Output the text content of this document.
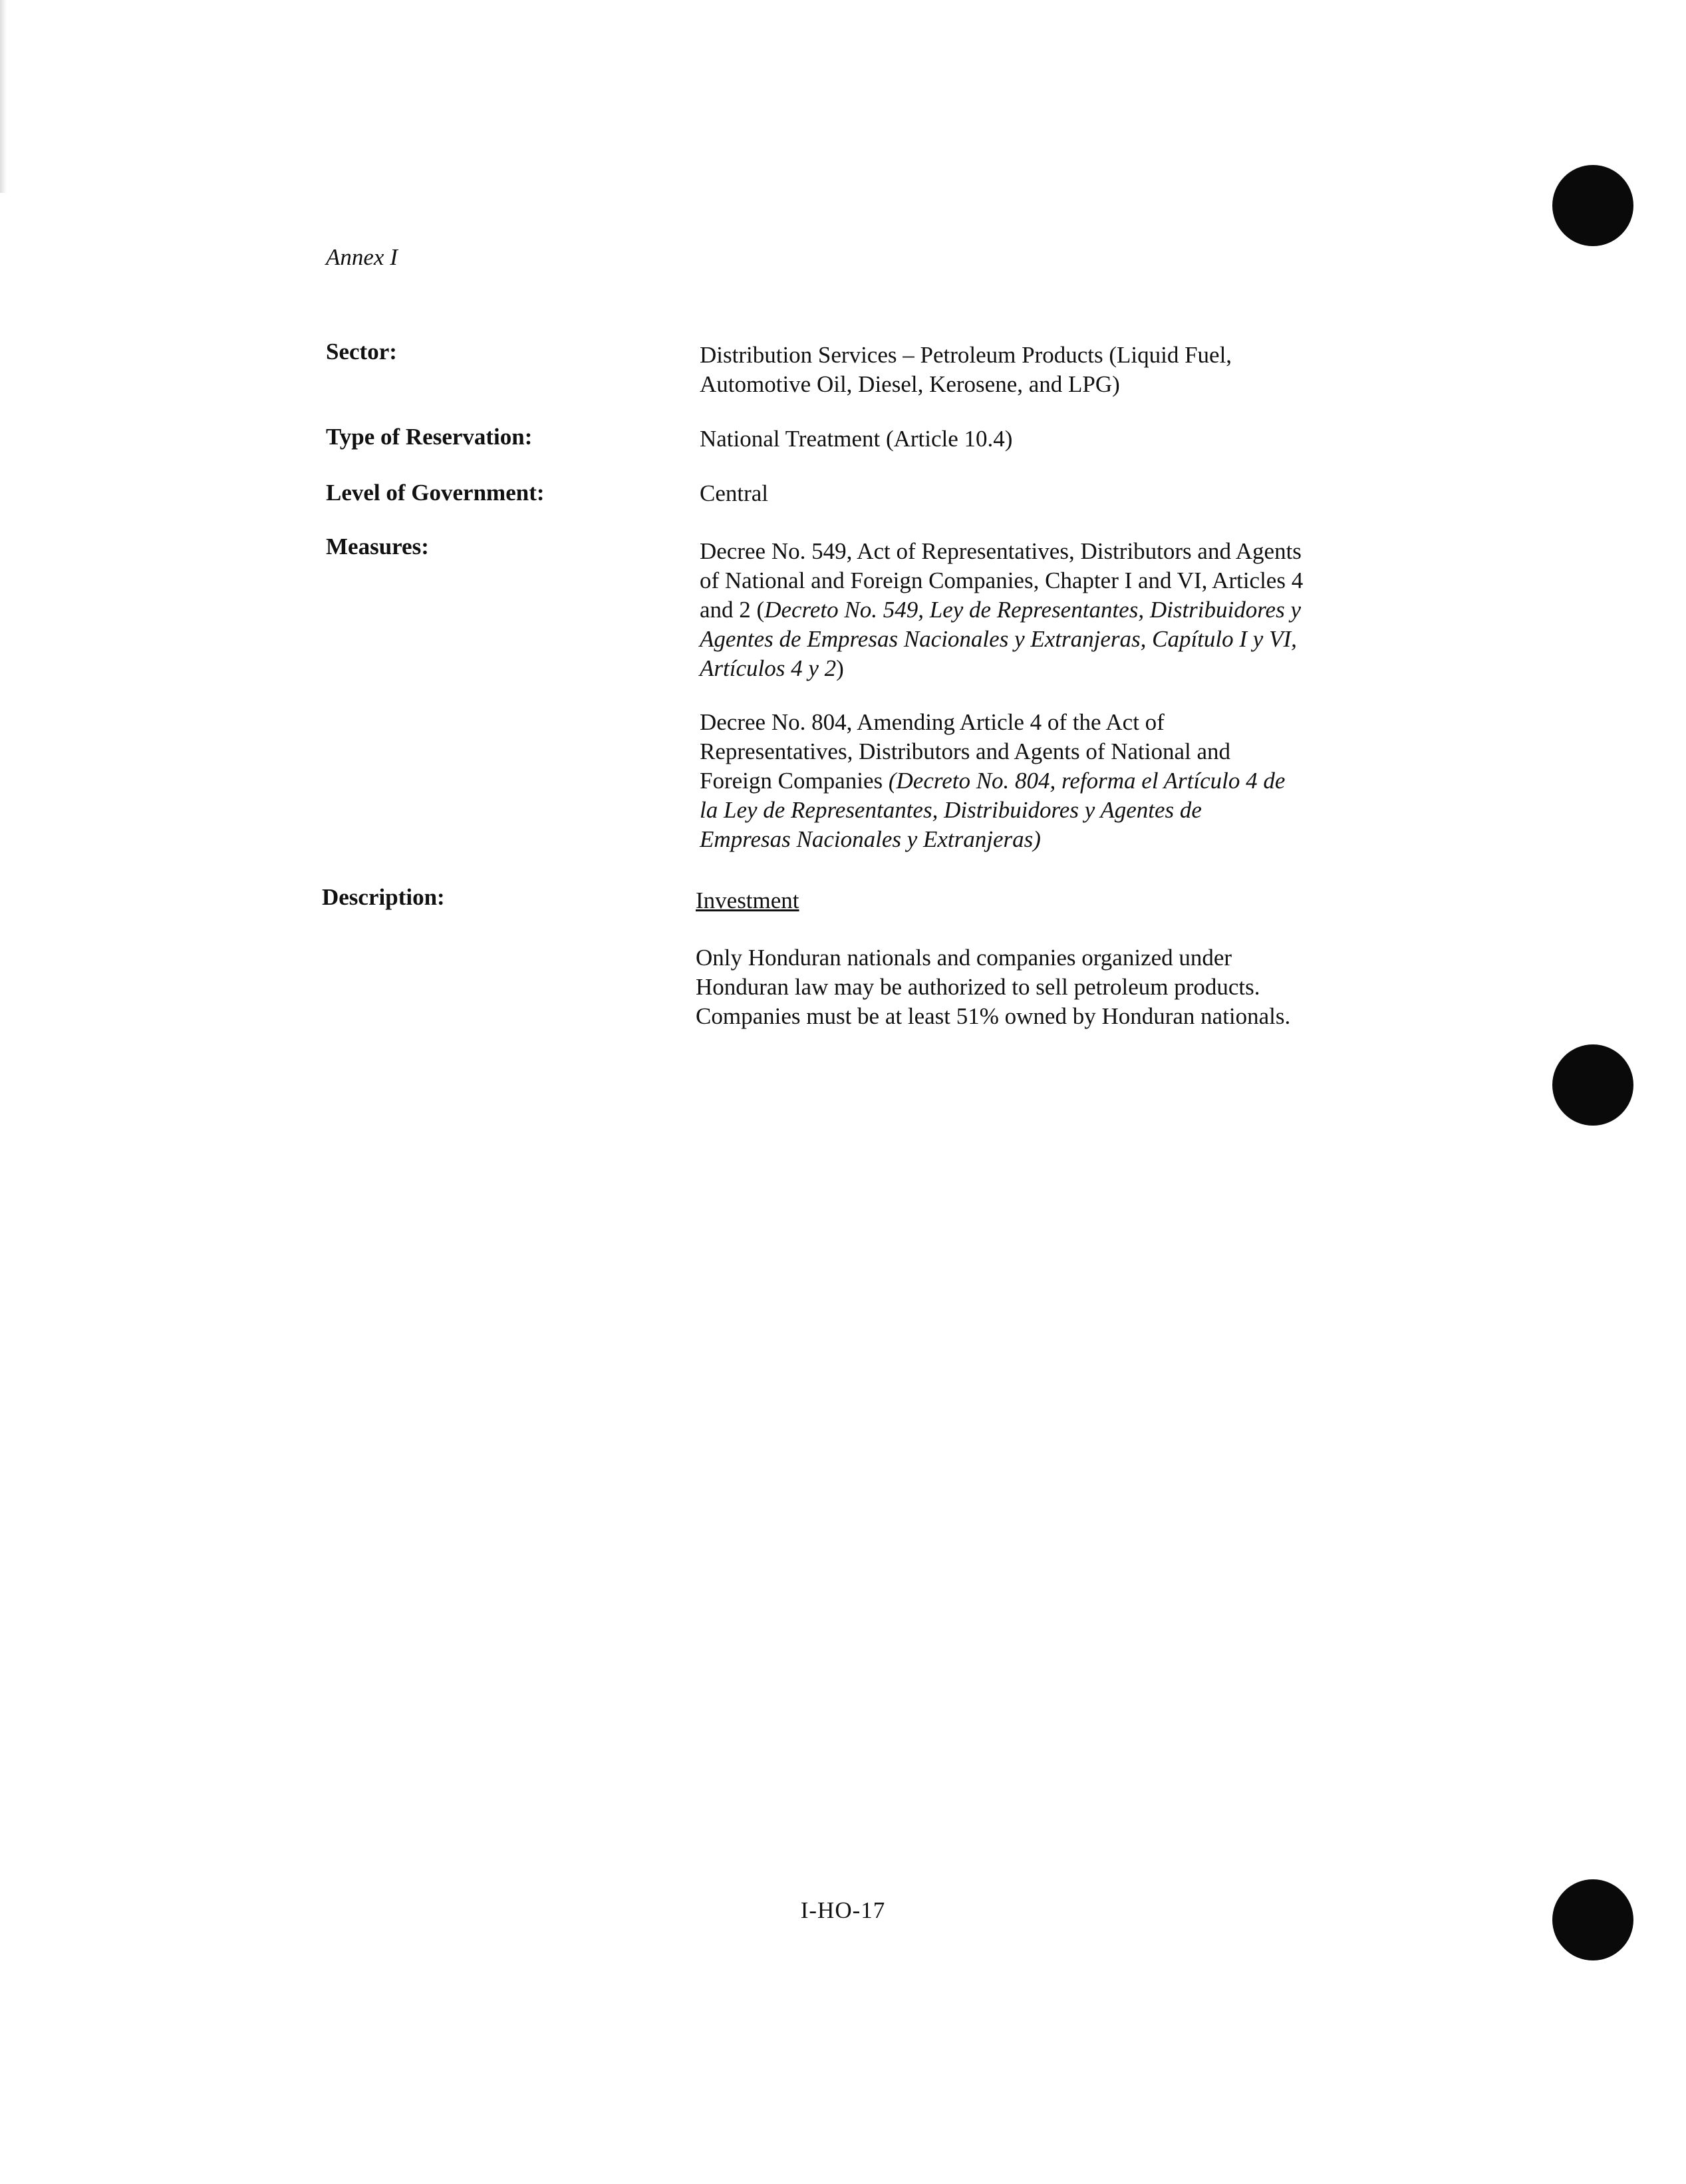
Annex I
Sector:	Distribution Services – Petroleum Products (Liquid Fuel,
Automotive Oil, Diesel, Kerosene, and LPG)
Type of Reservation:	National Treatment (Article 10.4)
Level of Government:	Central
Measures:	Decree No. 549, Act of Representatives, Distributors and Agents
of National and Foreign Companies, Chapter I and VI, Articles 4
and 2 (Decreto No. 549, Ley de Representantes, Distribuidores y
Agentes de Empresas Nacionales y Extranjeras, Capítulo I y VI,
Artículos 4 y 2)
Decree No. 804, Amending Article 4 of the Act of
Representatives, Distributors and Agents of National and
Foreign Companies (Decreto No. 804, reforma el Artículo 4 de
la Ley de Representantes, Distribuidores y Agentes de
Empresas Nacionales y Extranjeras)
Description:	Investment
Only Honduran nationals and companies organized under
Honduran law may be authorized to sell petroleum products.
Companies must be at least 51% owned by Honduran nationals.
I-HO-17
